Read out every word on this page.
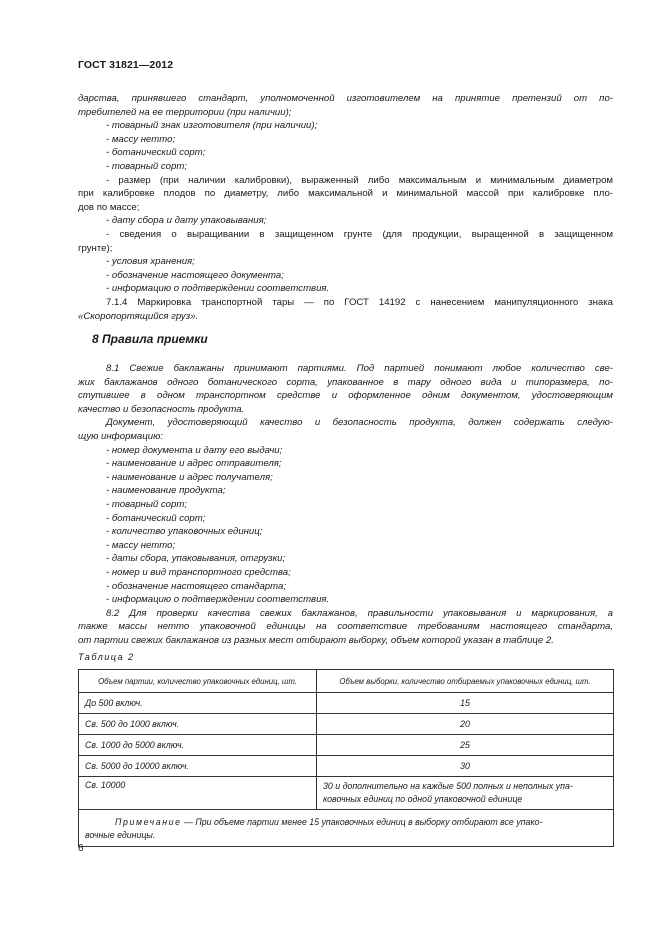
ГОСТ 31821—2012
дарства, принявшего стандарт, уполномоченной изготовителем на принятие претензий от по-
требителей на ее территории (при наличии);
- товарный знак изготовителя (при наличии);
- массу нетто;
- ботанический сорт;
- товарный сорт;
- размер (при наличии калибровки), выраженный либо максимальным и минимальным диаметром
при калибровке плодов по диаметру, либо максимальной и минимальной массой при калибровке пло-
дов по массе;
- дату сбора и дату упаковывания;
- сведения о выращивании в защищенном грунте (для продукции, выращенной в защищенном
грунте);
- условия хранения;
- обозначение настоящего документа;
- информацию о подтверждении соответствия.
7.1.4 Маркировка транспортной тары — по ГОСТ 14192 с нанесением манипуляционного знака
«Скоропортящийся груз».
8 Правила приемки
8.1 Свежие баклажаны принимают партиями. Под партией понимают любое количество све-
жих баклажанов одного ботанического сорта, упакованное в тару одного вида и типоразмера, по-
ступившее в одном транспортном средстве и оформленное одним документом, удостоверяющим
качество и безопасность продукта.
Документ, удостоверяющий качество и безопасность продукта, должен содержать следую-
щую информацию:
- номер документа и дату его выдачи;
- наименование и адрес отправителя;
- наименование и адрес получателя;
- наименование продукта;
- товарный сорт;
- ботанический сорт;
- количество упаковочных единиц;
- массу нетто;
- даты сбора, упаковывания, отгрузки;
- номер и вид транспортного средства;
- обозначение настоящего стандарта;
- информацию о подтверждении соответствия.
8.2 Для проверки качества свежих баклажанов, правильности упаковывания и маркирования, а
также массы нетто упаковочной единицы на соответствие требованиям настоящего стандарта,
от партии свежих баклажанов из разных мест отбирают выборку, объем которой указан в таблице 2.
Таблица 2
Объем партии, количество упаковочных единиц, шт.	Объем выборки, количество отбираемых упаковочных единиц, шт.
До 500 включ.	15
Св. 500 до 1000 включ.	20
Св. 1000 до 5000 включ.	25
Св. 5000 до 10000 включ.	30
Св. 10000	30 и дополнительно на каждые 500 полных и неполных упа-
ковочных единиц по одной упаковочной единице

Примечание — При объеме партии менее 15 упаковочных единиц в выборку отбирают все упако-
вочные единицы.	
6
